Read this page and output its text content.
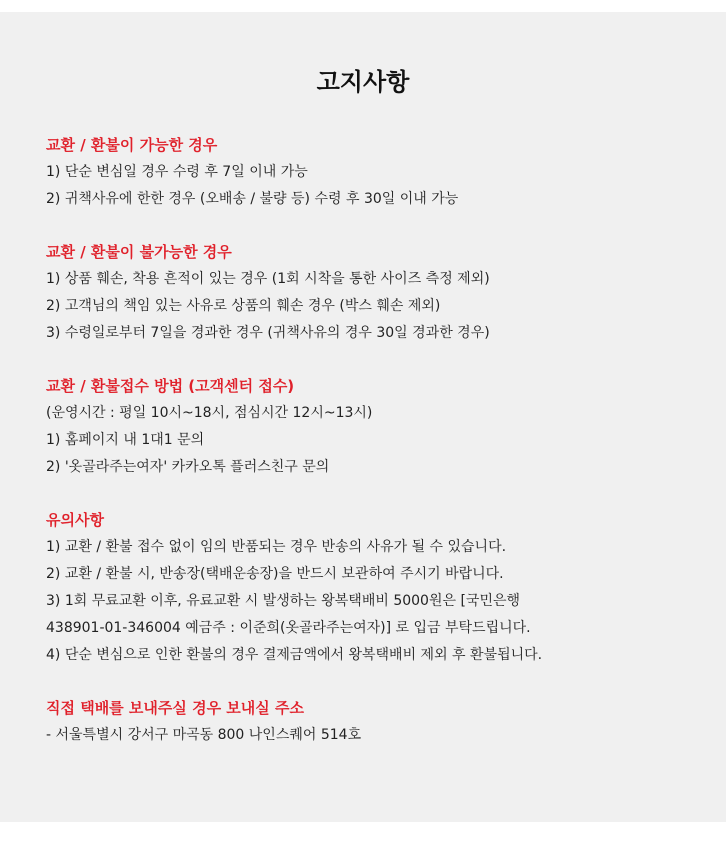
고지사항
교환 / 환불이 가능한 경우
1) 단순 변심일 경우 수령 후 7일 이내 가능
2) 귀책사유에 한한 경우 (오배송 / 불량 등) 수령 후 30일 이내 가능
교환 / 환불이 불가능한 경우
1) 상품 훼손, 착용 흔적이 있는 경우 (1회 시착을 통한 사이즈 측정 제외)
2) 고객님의 책임 있는 사유로 상품의 훼손 경우 (박스 훼손 제외)
3) 수령일로부터 7일을 경과한 경우 (귀책사유의 경우 30일 경과한 경우)
교환 / 환불접수 방법 (고객센터 접수)
(운영시간 : 평일 10시~18시, 점심시간 12시~13시)
1) 홈페이지 내 1대1 문의
2) '옷골라주는여자' 카카오톡 플러스친구 문의
유의사항
1) 교환 / 환불 접수 없이 임의 반품되는 경우 반송의 사유가 될 수 있습니다.
2) 교환 / 환불 시, 반송장(택배운송장)을 반드시 보관하여 주시기 바랍니다.
3) 1회 무료교환 이후, 유료교환 시 발생하는 왕복택배비 5000원은 [국민은행
438901-01-346004 예금주 : 이준희(옷골라주는여자)] 로 입금 부탁드립니다.
4) 단순 변심으로 인한 환불의 경우 결제금액에서 왕복택배비 제외 후 환불됩니다.
직접 택배를 보내주실 경우 보내실 주소
- 서울특별시 강서구 마곡동 800 나인스퀘어 514호
